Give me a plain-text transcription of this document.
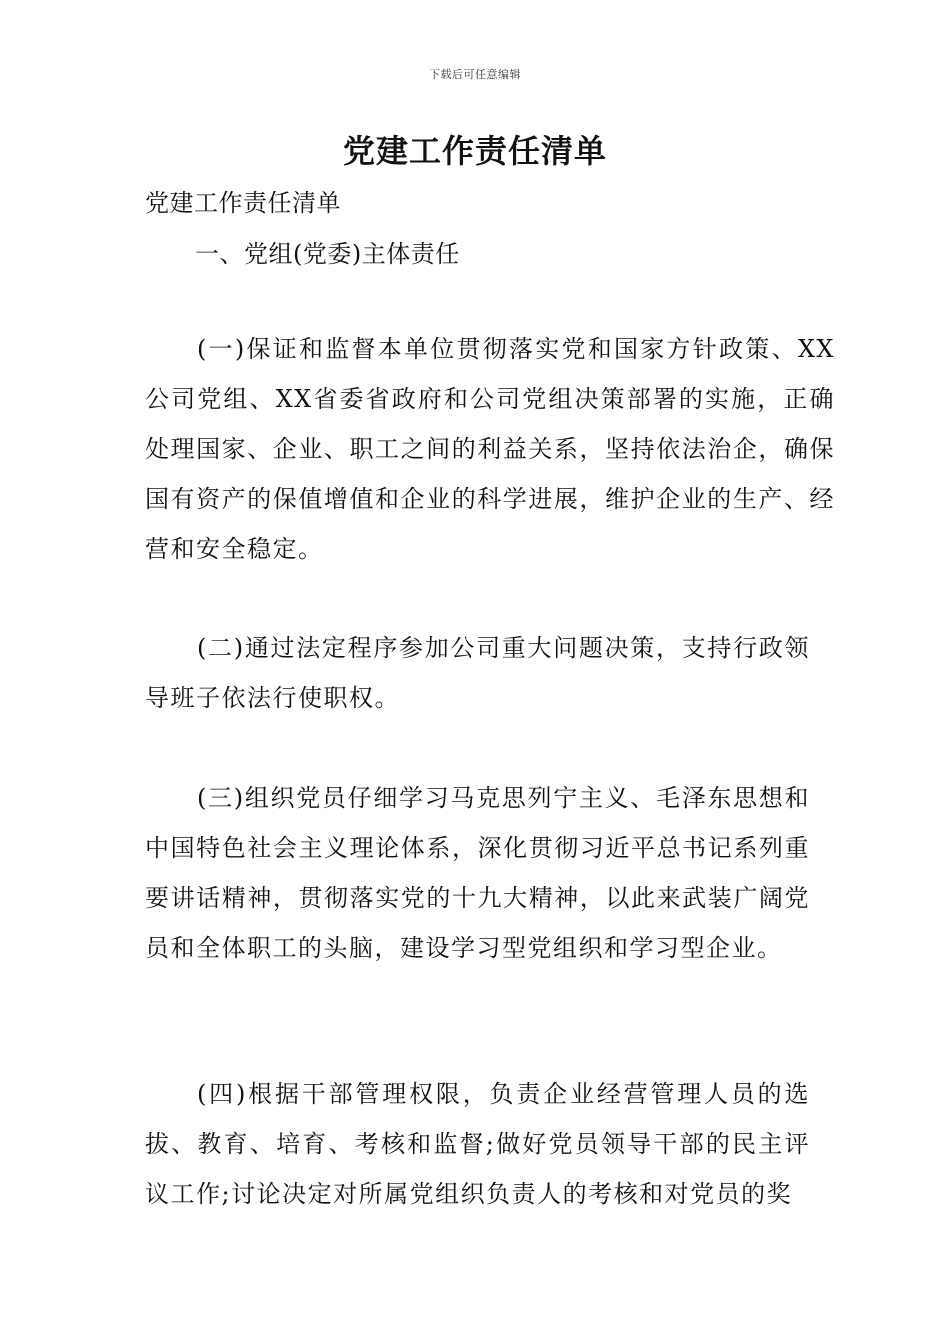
下载后可任意编辑
党建工作责任清单
党建工作责任清单
一、党组(党委)主体责任

(一)保证和监督本单位贯彻落实党和国家方针政策、XX公司党组、XX省委省政府和公司党组决策部署的实施，正确处理国家、企业、职工之间的利益关系，坚持依法治企，确保国有资产的保值增值和企业的科学进展，维护企业的生产、经营和安全稳定。

(二)通过法定程序参加公司重大问题决策，支持行政领导班子依法行使职权。

(三)组织党员仔细学习马克思列宁主义、毛泽东思想和中国特色社会主义理论体系，深化贯彻习近平总书记系列重要讲话精神，贯彻落实党的十九大精神，以此来武装广阔党员和全体职工的头脑，建设学习型党组织和学习型企业。

(四)根据干部管理权限，负责企业经营管理人员的选拔、教育、培育、考核和监督;做好党员领导干部的民主评议工作;讨论决定对所属党组织负责人的考核和对党员的奖
